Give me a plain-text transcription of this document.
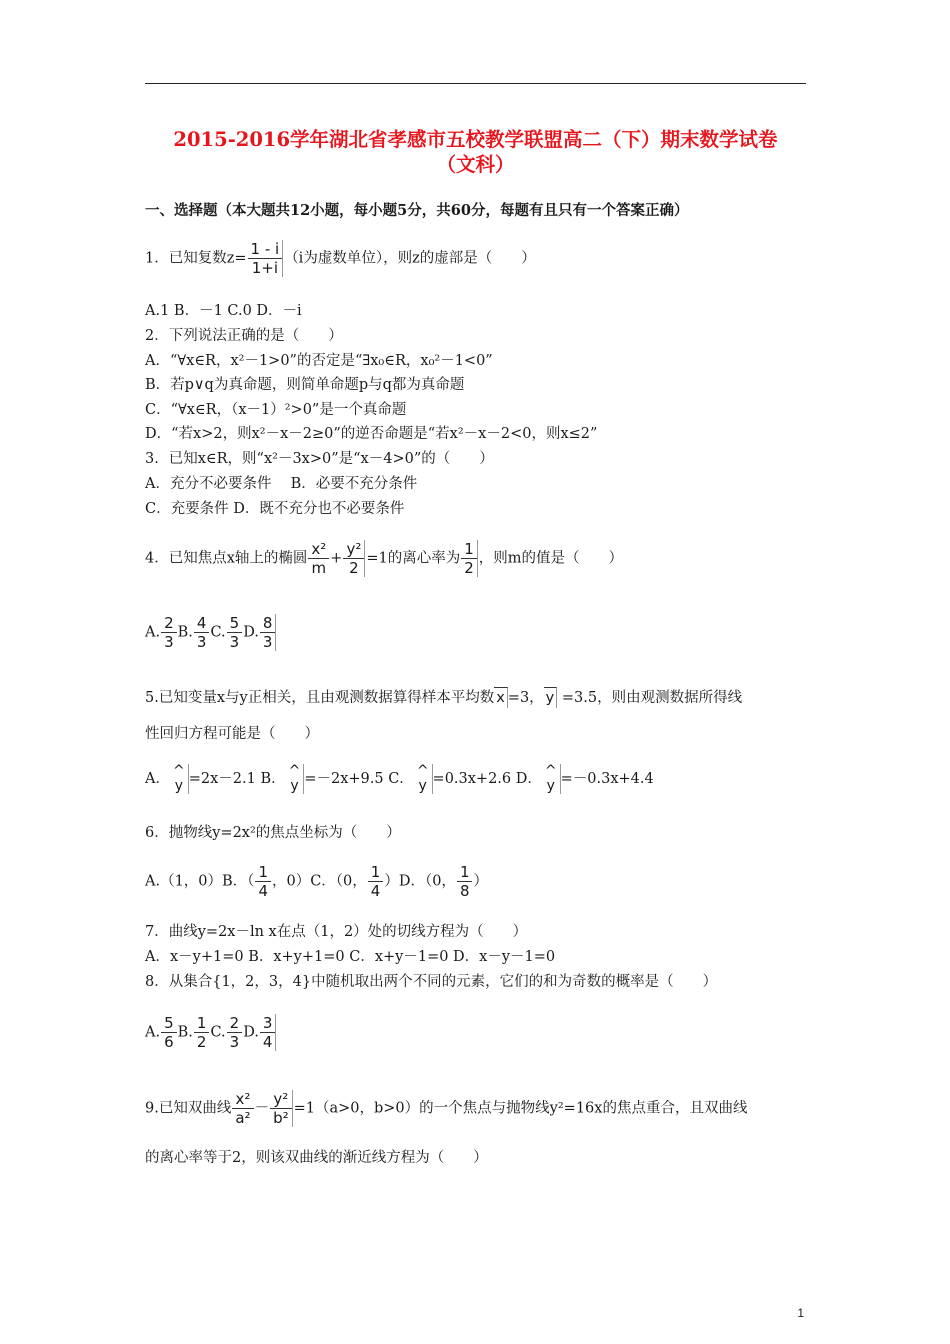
2015-2016学年湖北省孝感市五校教学联盟高二（下）期末数学试卷
（文科）
一、选择题（本大题共12小题，每小题5分，共60分，每题有且只有一个答案正确）
1．已知复数$z= \frac{1 - i}{1+i} (i$为虚数单位），则z的虚部是（　　）
A.1 B．－1 C.0 D．－i
2．下列说法正确的是（　　）
A．“∀x∈R，x²－1>0”的否定是“∃x₀∈R，x₀²－1<0”
B．若p∨q为真命题，则简单命题p与q都为真命题
C．“∀x∈R，（x－1）²>0”是一个真命题
D．“若x>2，则x²－x－2≥0”的逆否命题是“若x²－x－2<0，则x≤2”
3．已知x∈R，则“x²－3x>0”是“x－4>0”的（　　）
A．充分不必要条件　 B．必要不充分条件
C．充要条件 D．既不充分也不必要条件
4．已知焦点x轴上的椭圆 $\frac{\text{x²}}{m} + \frac{\text{y²}}{2} =1$的离心率为 $\frac{1}{2}$ ，则m的值是（　　）
A. $\frac{2}{3} B$. $\frac{4}{3} C$. $\frac{5}{3} D$. $\frac{8}{3}$
5.已知变量x与y正相关，且由观测数据算得样本平均数 x =3， y =3.5，则由观测数据所得线
性回归方程可能是（　　）
A． ^
y =2x－2.1 B． ^
y =－2x+9.5 C． ^
y =0.3x+2.6 D． ^
y =－0.3x+4.4
6．抛物线y=2x²的焦点坐标为（　　）
A.（1，0）B．（ $\frac{1}{4}$ ，0）C．（0， $\frac{1}{4} )D$．（0， $\frac{1}{8}$ ）
7．曲线y=2x－ln x在点（1，2）处的切线方程为（　　）
A．x－y+1=0 B．x+y+1=0 C．x+y－1=0 D．x－y－1=0
8．从集合{1，2，3，4}中随机取出两个不同的元素，它们的和为奇数的概率是（　　）
A. $\frac{5}{6} B$. $\frac{1}{2} C$. $\frac{2}{3} D$. $\frac{3}{4}$
9.已知双曲线 $\frac{\text{x²}}{\text{a²}} - \frac{\text{y²}}{\text{b²}} =1(a>0$，b>0）的一个焦点与抛物线y²=16x的焦点重合，且双曲线
的离心率等于2，则该双曲线的渐近线方程为（　　）
1
